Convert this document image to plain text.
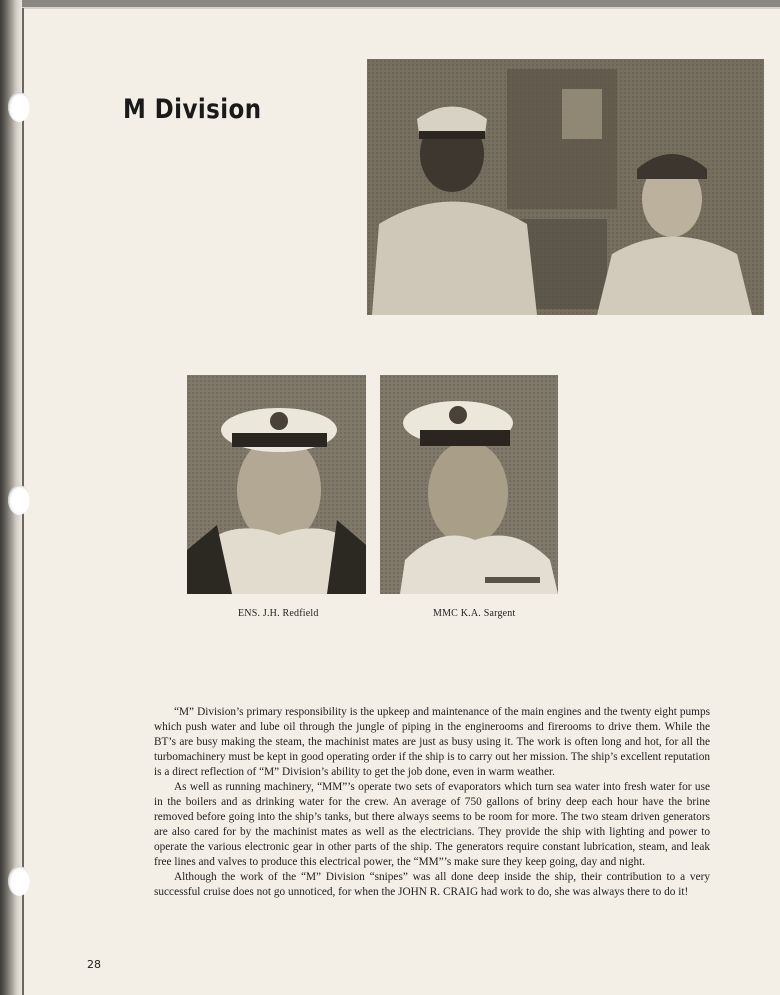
M Division
ENS. J.H. Redfield	MMC K.A. Sargent

“M” Division’s primary responsibility is the upkeep and maintenance of the main engines and the twenty eight pumps which push water and lube oil through the jungle of piping in the enginerooms and firerooms to drive them. While the BT’s are busy making the steam, the machinist mates are just as busy using it. The work is often long and hot, for all the turbomachinery must be kept in good operating order if the ship is to carry out her mission. The ship’s excellent reputation is a direct reflection of “M” Division’s ability to get the job done, even in warm weather.

As well as running machinery, “MM”’s operate two sets of evaporators which turn sea water into fresh water for use in the boilers and as drinking water for the crew. An average of 750 gallons of briny deep each hour have the brine removed before going into the ship’s tanks, but there always seems to be room for more. The two steam driven generators are also cared for by the machinist mates as well as the electricians. They provide the ship with lighting and power to operate the various electronic gear in other parts of the ship. The generators require constant lubrication, steam, and leak free lines and valves to produce this electrical power, the “MM”’s make sure they keep going, day and night.

Although the work of the “M” Division “snipes” was all done deep inside the ship, their contribution to a very successful cruise does not go unnoticed, for when the JOHN R. CRAIG had work to do, she was always there to do it!

28
